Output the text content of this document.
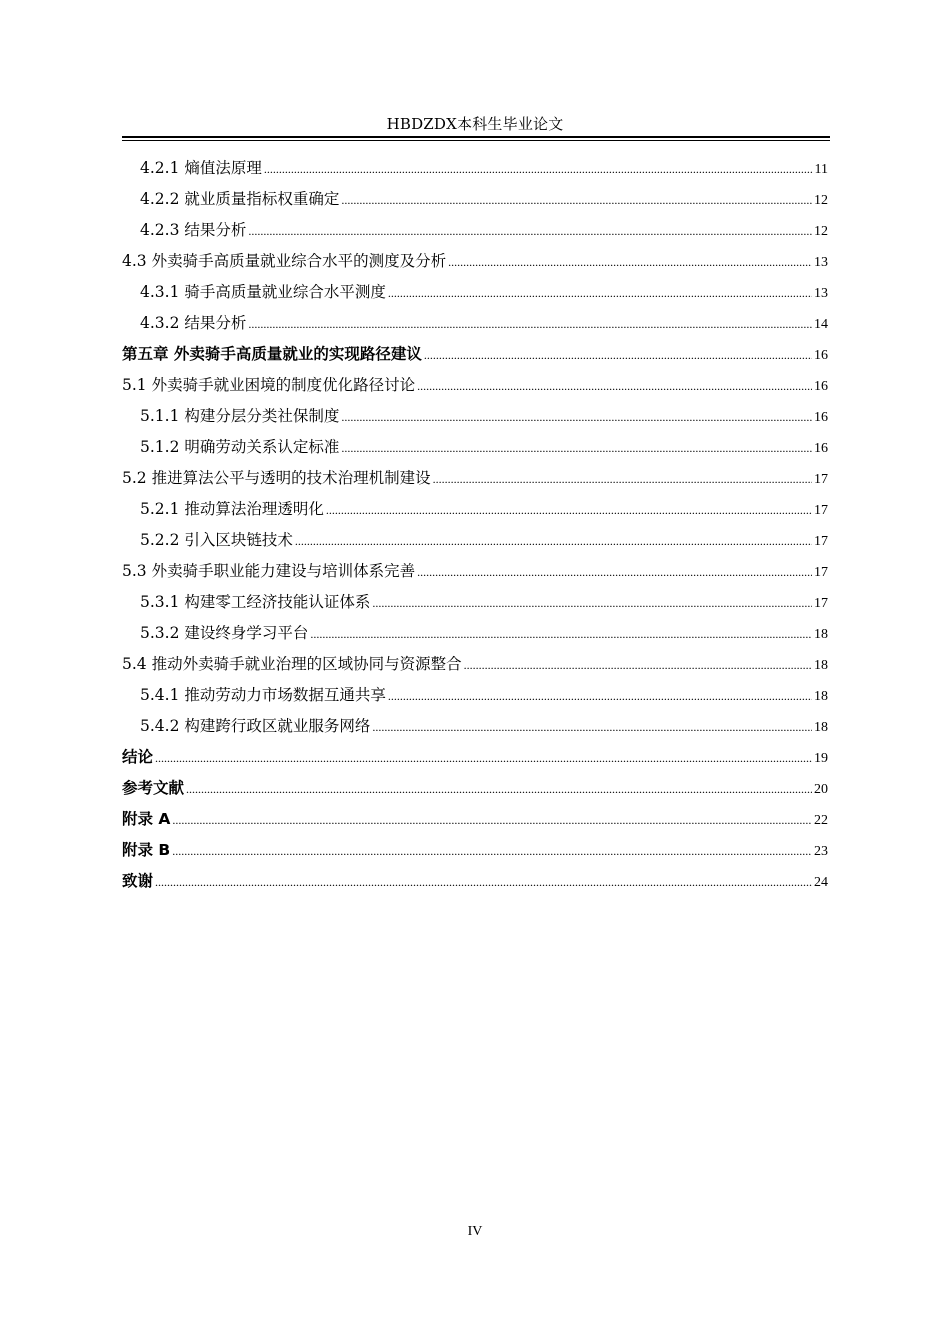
HBDZDX本科生毕业论文
4.2.1 熵值法原理 .....	11
4.2.2 就业质量指标权重确定 .....	12
4.2.3 结果分析 .....	12
4.3 外卖骑手高质量就业综合水平的测度及分析 .....	13
4.3.1 骑手高质量就业综合水平测度 .....	13
4.3.2 结果分析 .....	14
第五章 外卖骑手高质量就业的实现路径建议 .....	16
5.1 外卖骑手就业困境的制度优化路径讨论 .....	16
5.1.1 构建分层分类社保制度 .....	16
5.1.2 明确劳动关系认定标准 .....	16
5.2 推进算法公平与透明的技术治理机制建设 .....	17
5.2.1 推动算法治理透明化 .....	17
5.2.2 引入区块链技术 .....	17
5.3 外卖骑手职业能力建设与培训体系完善 .....	17
5.3.1 构建零工经济技能认证体系 .....	17
5.3.2 建设终身学习平台 .....	18
5.4 推动外卖骑手就业治理的区域协同与资源整合 .....	18
5.4.1 推动劳动力市场数据互通共享 .....	18
5.4.2 构建跨行政区就业服务网络 .....	18
结论 .....	19
参考文献 .....	20
附录 A .....	22
附录 B .....	23
致谢 .....	24
IV
